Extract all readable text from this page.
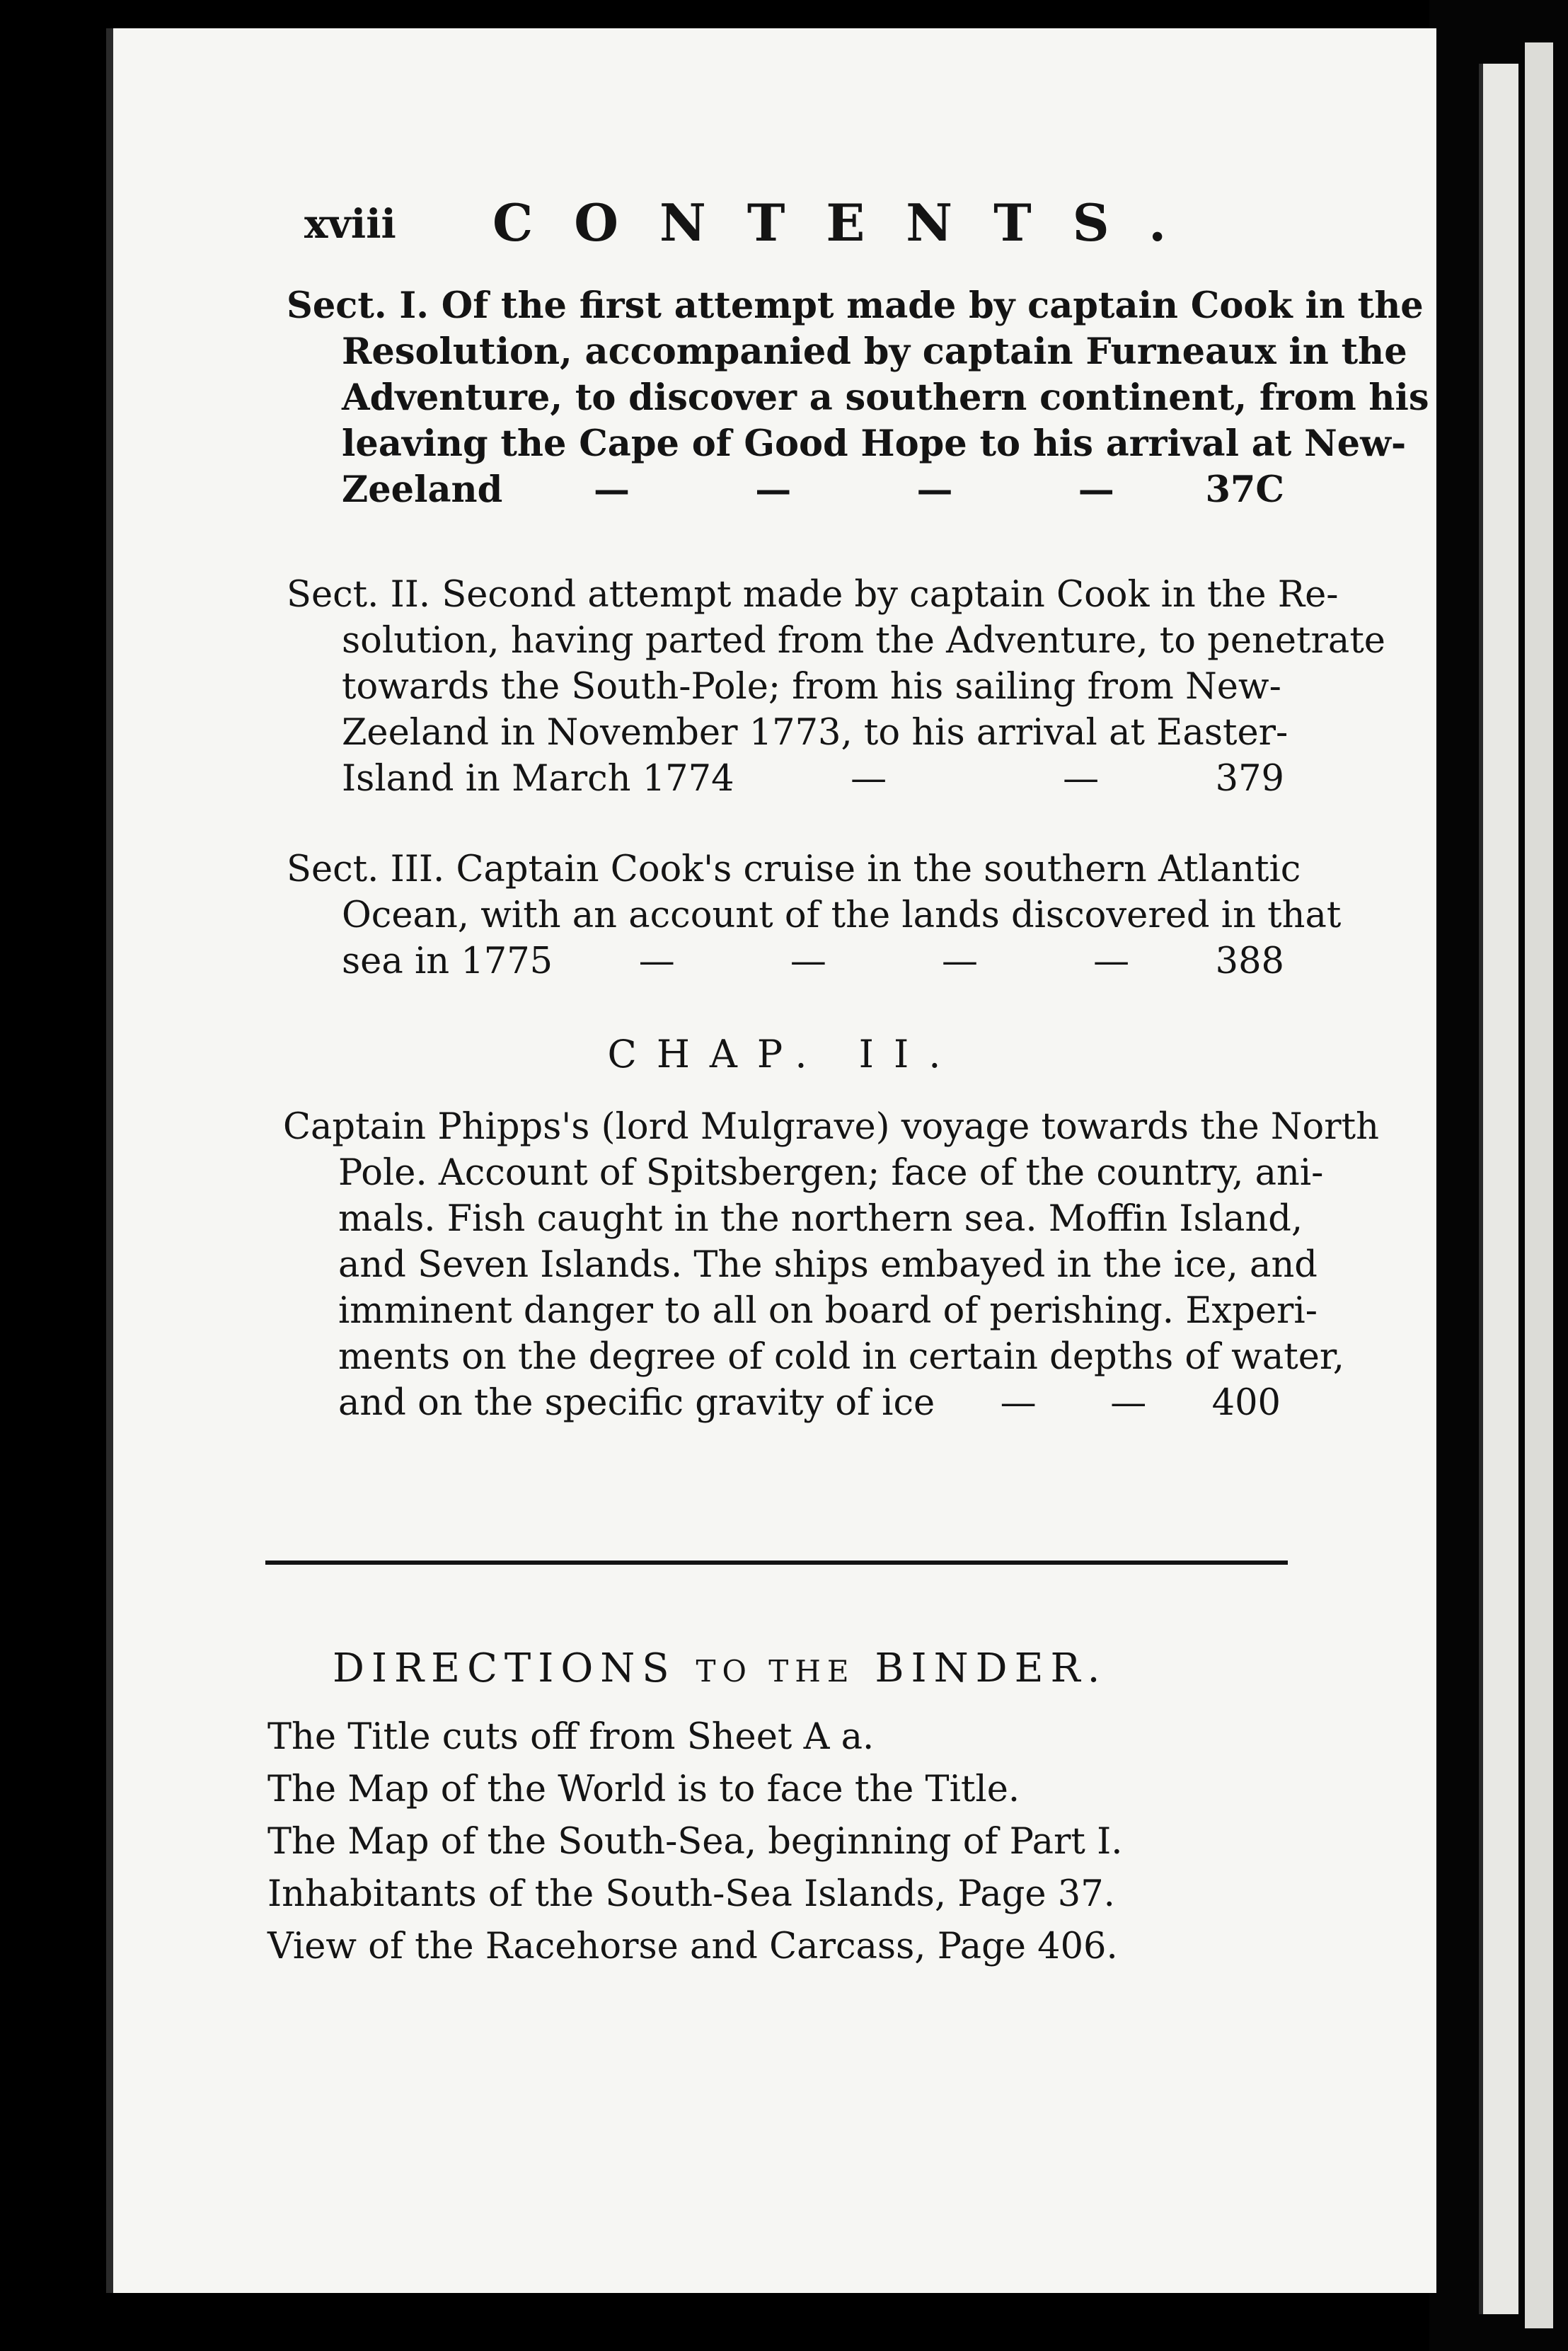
xviii CONTENTS.
Sect. I. Of the first attempt made by captain Cook in the
Resolution, accompanied by captain Furneaux in the
Adventure, to discover a southern continent, from his
leaving the Cape of Good Hope to his arrival at New-
Zeeland	—	—	—	—	37C
Sect. II. Second attempt made by captain Cook in the Re-
solution, having parted from the Adventure, to penetrate
towards the South-Pole; from his sailing from New-
Zeeland in November 1773, to his arrival at Easter-
Island in March 1774	—	—	379
Sect. III. Captain Cook's cruise in the southern Atlantic
Ocean, with an account of the lands discovered in that
sea in 1775 —	—	—	— 388
CHAP. II.
Captain Phipps's (lord Mulgrave) voyage towards the North
Pole. Account of Spitsbergen; face of the country, ani-
mals. Fish caught in the northern sea. Moffin Island,
and Seven Islands. The ships embayed in the ice, and
imminent danger to all on board of perishing. Experi-
ments on the degree of cold in certain depths of water,
and on the specific gravity of ice — — 400
DIRECTIONS TO THE BINDER.
The Title cuts off from Sheet A a.
The Map of the World is to face the Title.
The Map of the South-Sea, beginning of Part I.
Inhabitants of the South-Sea Islands, Page 37.
View of the Racehorse and Carcass, Page 406.
